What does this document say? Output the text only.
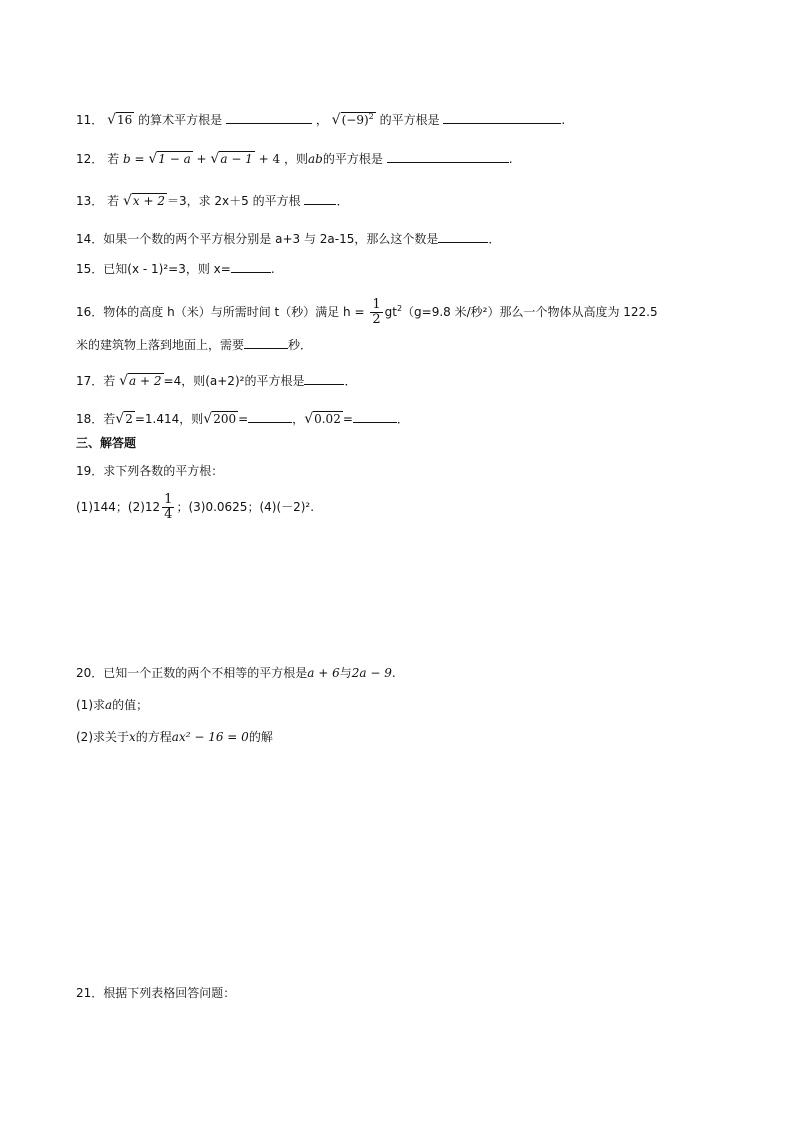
11． √16 的算术平方根是	， $√(-9)^2$ 的平方根是	.
12． 若 b = √1 − a + √a − 1 + 4 ，则ab的平方根是	.
13． 若 √x + 2 ＝3，求 2x＋5 的平方根	．
14．如果一个数的两个平方根分别是 a+3 与 2a-15，那么这个数是	．
15．已知(x - 1)²=3，则 x=	.
16．物体的高度 h（米）与所需时间 t（秒）满足 $h = \frac{1}{2} gt^2(g=9.8$ 米/秒²）那么一个物体从高度为 122.5
米的建筑物上落到地面上，需要	秒．
17．若 √a + 2 =4，则(a+2)²的平方根是	．
18．若√2 =1.414，则√200 =	，√0.02 =	．
三、解答题
19．求下列各数的平方根：
(1)144；$(2)12 \frac{1}{4}$ ；(3)0.0625；(4)(－2)².
20．已知一个正数的两个不相等的平方根是a + 6与2a − 9.
(1)求a的值；
(2)求关于x的方程ax² − 16 = 0的解
21．根据下列表格回答问题：
